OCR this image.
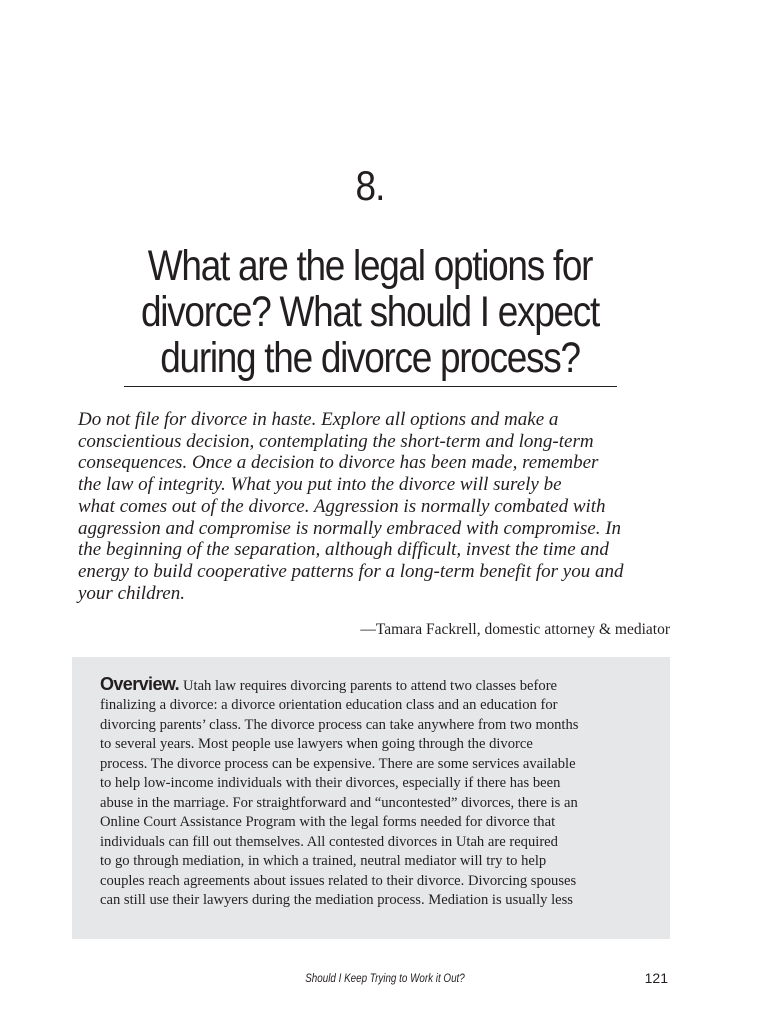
8.
What are the legal options for
divorce? What should I expect
during the divorce process?

Do not file for divorce in haste. Explore all options and make a
conscientious decision, contemplating the short-term and long-term
consequences. Once a decision to divorce has been made, remember
the law of integrity. What you put into the divorce will surely be
what comes out of the divorce. Aggression is normally combated with
aggression and compromise is normally embraced with compromise. In
the beginning of the separation, although difficult, invest the time and
energy to build cooperative patterns for a long-term benefit for you and
your children.

—Tamara Fackrell, domestic attorney & mediator

Overview. Utah law requires divorcing parents to attend two classes before
finalizing a divorce: a divorce orientation education class and an education for
divorcing parents’ class. The divorce process can take anywhere from two months
to several years. Most people use lawyers when going through the divorce
process. The divorce process can be expensive. There are some services available
to help low-income individuals with their divorces, especially if there has been
abuse in the marriage. For straightforward and “uncontested” divorces, there is an
Online Court Assistance Program with the legal forms needed for divorce that
individuals can fill out themselves. All contested divorces in Utah are required
to go through mediation, in which a trained, neutral mediator will try to help
couples reach agreements about issues related to their divorce. Divorcing spouses
can still use their lawyers during the mediation process. Mediation is usually less

Should I Keep Trying to Work it Out?	121
